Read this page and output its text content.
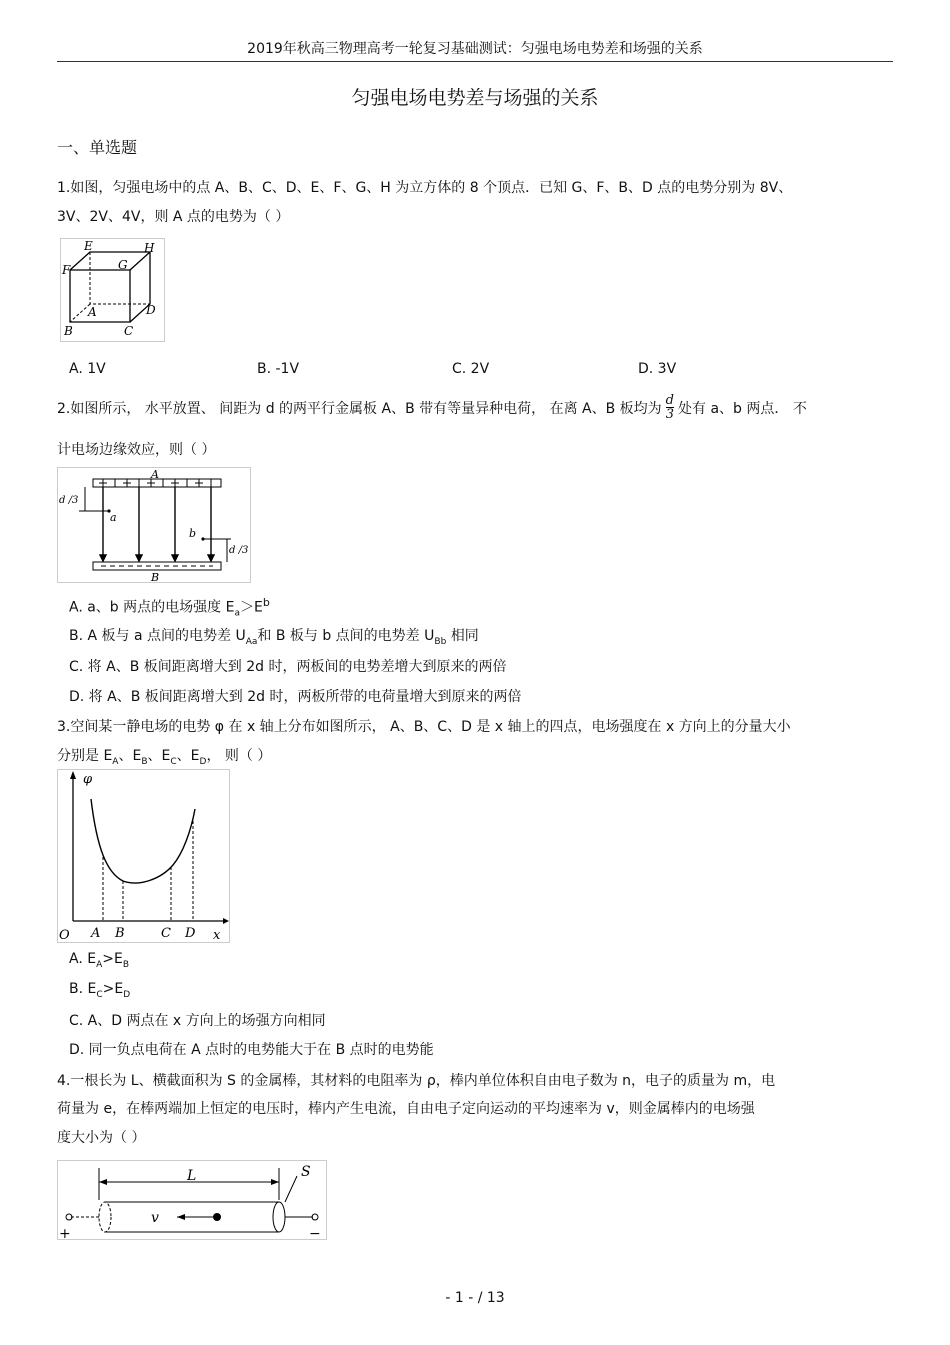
2019年秋高三物理高考一轮复习基础测试：匀强电场电势差和场强的关系
匀强电场电势差与场强的关系
一、单选题
1.如图，匀强电场中的点 A、B、C、D、E、F、G、H 为立方体的 8 个顶点．已知 G、F、B、D 点的电势分别为 8V、
3V、2V、4V，则 A 点的电势为（ ）
E	H
F	G
A	D
B	C
A. 1V	B. -1V	C. 2V	D. 3V
2.如图所示， 水平放置、 间距为 d 的两平行金属板 A、B 带有等量异种电荷， 在离 A、B 板均为 $\frac{d}{3}$ 处有 a、b 两点． 不
计电场边缘效应，则（ ）
A
B
d /3
a
b
d /3
A. a、b 两点的电场强度 $E_a>E^b$
B. A 板与 a 点间的电势差 $U_{Aa}$和 B 板与 b 点间的电势差 $U_{Bb}$ 相同
C. 将 A、B 板间距离增大到 2d 时，两板间的电势差增大到原来的两倍
D. 将 A、B 板间距离增大到 2d 时，两板所带的电荷量增大到原来的两倍
3.空间某一静电场的电势 φ 在 x 轴上分布如图所示， A、B、C、D 是 x 轴上的四点，电场强度在 x 方向上的分量大小
分别是 $E_A$、$E_B$、$E_C$、$E_D$， 则（ ）
φ
O A B	C D x
A. $E_A>E_B$
B. $E_C>E_D$
C. A、D 两点在 x 方向上的场强方向相同
D. 同一负点电荷在 A 点时的电势能大于在 B 点时的电势能
4.一根长为 L、横截面积为 S 的金属棒，其材料的电阻率为 ρ，棒内单位体积自由电子数为 n，电子的质量为 m，电
荷量为 e，在棒两端加上恒定的电压时，棒内产生电流，自由电子定向运动的平均速率为 v，则金属棒内的电场强
度大小为（ ）
L	S
+	−
v
- 1 - / 13
